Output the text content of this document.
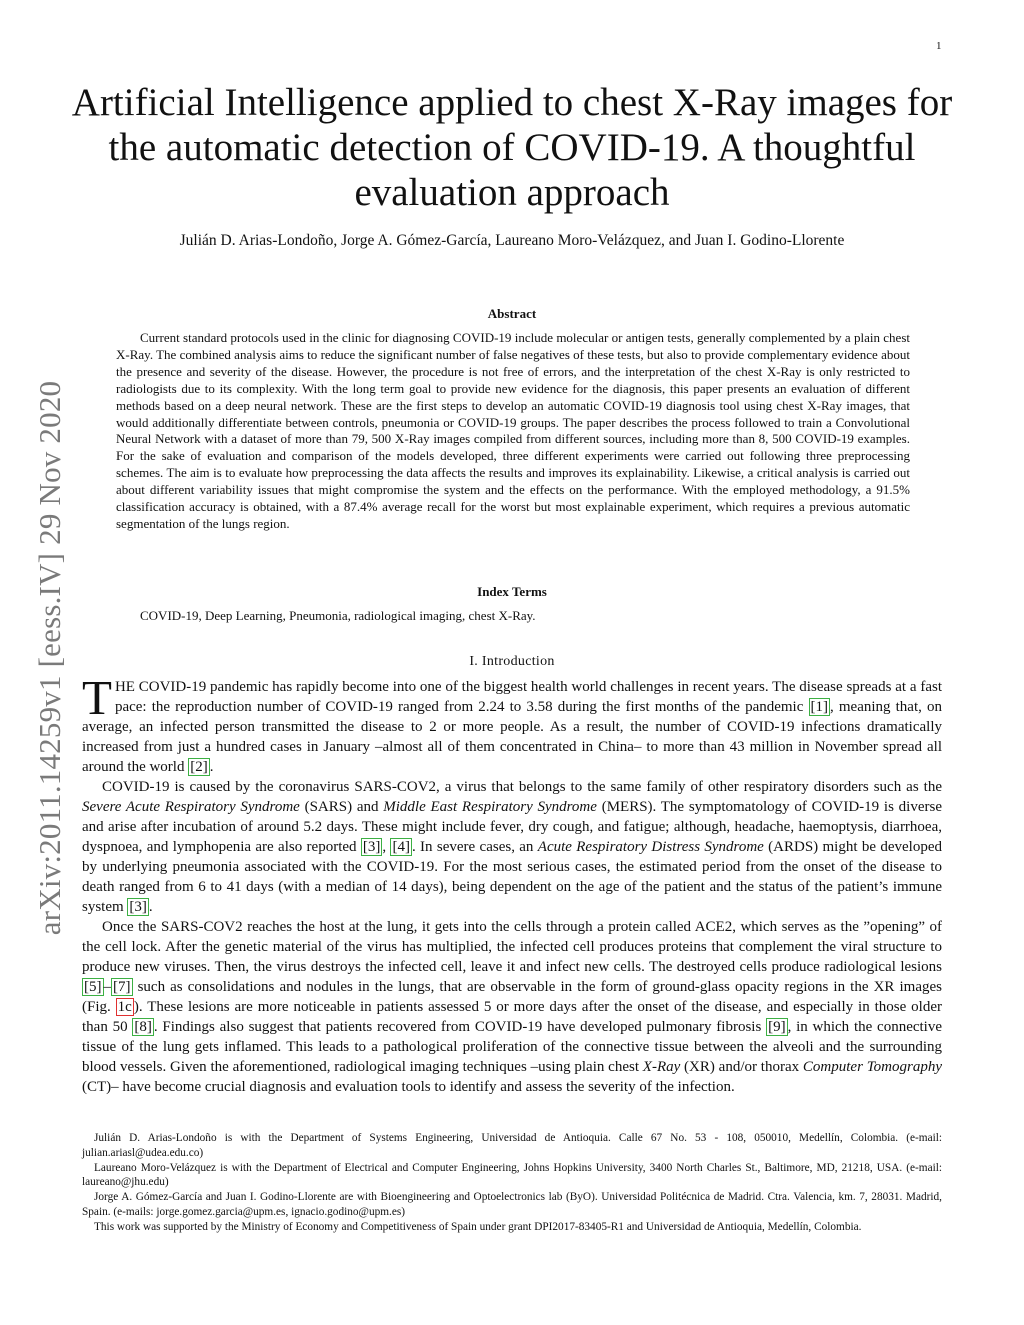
1
arXiv:2011.14259v1 [eess.IV] 29 Nov 2020
Artificial Intelligence applied to chest X-Ray images for the automatic detection of COVID-19. A thoughtful evaluation approach
Julián D. Arias-Londoño, Jorge A. Gómez-García, Laureano Moro-Velázquez, and Juan I. Godino-Llorente
Abstract
Current standard protocols used in the clinic for diagnosing COVID-19 include molecular or antigen tests, generally complemented by a plain chest X-Ray. The combined analysis aims to reduce the significant number of false negatives of these tests, but also to provide complementary evidence about the presence and severity of the disease. However, the procedure is not free of errors, and the interpretation of the chest X-Ray is only restricted to radiologists due to its complexity. With the long term goal to provide new evidence for the diagnosis, this paper presents an evaluation of different methods based on a deep neural network. These are the first steps to develop an automatic COVID-19 diagnosis tool using chest X-Ray images, that would additionally differentiate between controls, pneumonia or COVID-19 groups. The paper describes the process followed to train a Convolutional Neural Network with a dataset of more than 79, 500 X-Ray images compiled from different sources, including more than 8, 500 COVID-19 examples. For the sake of evaluation and comparison of the models developed, three different experiments were carried out following three preprocessing schemes. The aim is to evaluate how preprocessing the data affects the results and improves its explainability. Likewise, a critical analysis is carried out about different variability issues that might compromise the system and the effects on the performance. With the employed methodology, a 91.5% classification accuracy is obtained, with a 87.4% average recall for the worst but most explainable experiment, which requires a previous automatic segmentation of the lungs region.
Index Terms
COVID-19, Deep Learning, Pneumonia, radiological imaging, chest X-Ray.
I. Introduction

THE COVID-19 pandemic has rapidly become into one of the biggest health world challenges in recent years. The disease spreads at a fast pace: the reproduction number of COVID-19 ranged from 2.24 to 3.58 during the first months of the pandemic [1] , meaning that, on average, an infected person transmitted the disease to 2 or more people. As a result, the number of COVID-19 infections dramatically increased from just a hundred cases in January –almost all of them concentrated in China– to more than 43 million in November spread all around the world [2] .

COVID-19 is caused by the coronavirus SARS-COV2, a virus that belongs to the same family of other respiratory disorders such as the Severe Acute Respiratory Syndrome (SARS) and Middle East Respiratory Syndrome (MERS). The symptomatology of COVID-19 is diverse and arise after incubation of around 5.2 days. These might include fever, dry cough, and fatigue; although, headache, haemoptysis, diarrhoea, dyspnoea, and lymphopenia are also reported [3] , [4] . In severe cases, an Acute Respiratory Distress Syndrome (ARDS) might be developed by underlying pneumonia associated with the COVID-19. For the most serious cases, the estimated period from the onset of the disease to death ranged from 6 to 41 days (with a median of 14 days), being dependent on the age of the patient and the status of the patient’s immune system [3] .

Once the SARS-COV2 reaches the host at the lung, it gets into the cells through a protein called ACE2, which serves as the ”opening” of the cell lock. After the genetic material of the virus has multiplied, the infected cell produces proteins that complement the viral structure to produce new viruses. Then, the virus destroys the infected cell, leave it and infect new cells. The destroyed cells produce radiological lesions [5] – [7] such as consolidations and nodules in the lungs, that are observable in the form of ground-glass opacity regions in the XR images (Fig. 1c ). These lesions are more noticeable in patients assessed 5 or more days after the onset of the disease, and especially in those older than 50 [8] . Findings also suggest that patients recovered from COVID-19 have developed pulmonary fibrosis [9] , in which the connective tissue of the lung gets inflamed. This leads to a pathological proliferation of the connective tissue between the alveoli and the surrounding blood vessels. Given the aforementioned, radiological imaging techniques –using plain chest X-Ray (XR) and/or thorax Computer Tomography (CT)– have become crucial diagnosis and evaluation tools to identify and assess the severity of the infection.

Julián D. Arias-Londoño is with the Department of Systems Engineering, Universidad de Antioquia. Calle 67 No. 53 - 108, 050010, Medellín, Colombia. (e-mail: julian.ariasl@udea.edu.co)

Laureano Moro-Velázquez is with the Department of Electrical and Computer Engineering, Johns Hopkins University, 3400 North Charles St., Baltimore, MD, 21218, USA. (e-mail: laureano@jhu.edu)

Jorge A. Gómez-García and Juan I. Godino-Llorente are with Bioengineering and Optoelectronics lab (ByO). Universidad Politécnica de Madrid. Ctra. Valencia, km. 7, 28031. Madrid, Spain. (e-mails: jorge.gomez.garcia@upm.es, ignacio.godino@upm.es)

This work was supported by the Ministry of Economy and Competitiveness of Spain under grant DPI2017-83405-R1 and Universidad de Antioquia, Medellín, Colombia.
